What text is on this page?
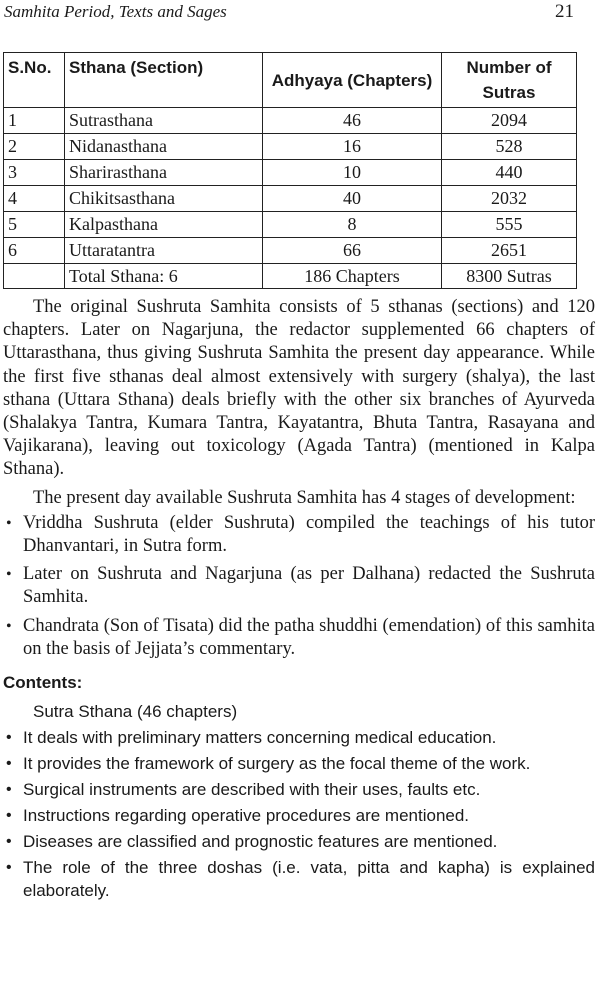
Samhita Period, Texts and Sages	21
S.No.	Sthana (Section)	Adhyaya (Chapters)	Number of Sutras
1	Sutrasthana	46	2094
2	Nidanasthana	16	528
3	Sharirasthana	10	440
4	Chikitsasthana	40	2032
5	Kalpasthana	8	555
6	Uttaratantra	66	2651
	Total Sthana: 6	186 Chapters	8300 Sutras

The original Sushruta Samhita consists of 5 sthanas (sections) and 120 chapters. Later on Nagarjuna, the redactor supplemented 66 chapters of Uttarasthana, thus giving Sushruta Samhita the present day appearance. While the first five sthanas deal almost extensively with surgery (shalya), the last sthana (Uttara Sthana) deals briefly with the other six branches of Ayurveda (Shalakya Tantra, Kumara Tantra, Kayatantra, Bhuta Tantra, Rasayana and Vajikarana), leaving out toxicology (Agada Tantra) (mentioned in Kalpa Sthana).

The present day available Sushruta Samhita has 4 stages of development:

• Vriddha Sushruta (elder Sushruta) compiled the teachings of his tutor Dhanvantari, in Sutra form.
• Later on Sushruta and Nagarjuna (as per Dalhana) redacted the Sushruta Samhita.
• Chandrata (Son of Tisata) did the patha shuddhi (emendation) of this samhita on the basis of Jejjata’s commentary.
Contents:
Sutra Sthana (46 chapters)
• It deals with preliminary matters concerning medical education.
• It provides the framework of surgery as the focal theme of the work.
• Surgical instruments are described with their uses, faults etc.
• Instructions regarding operative procedures are mentioned.
• Diseases are classified and prognostic features are mentioned.
• The role of the three doshas (i.e. vata, pitta and kapha) is explained elaborately.
